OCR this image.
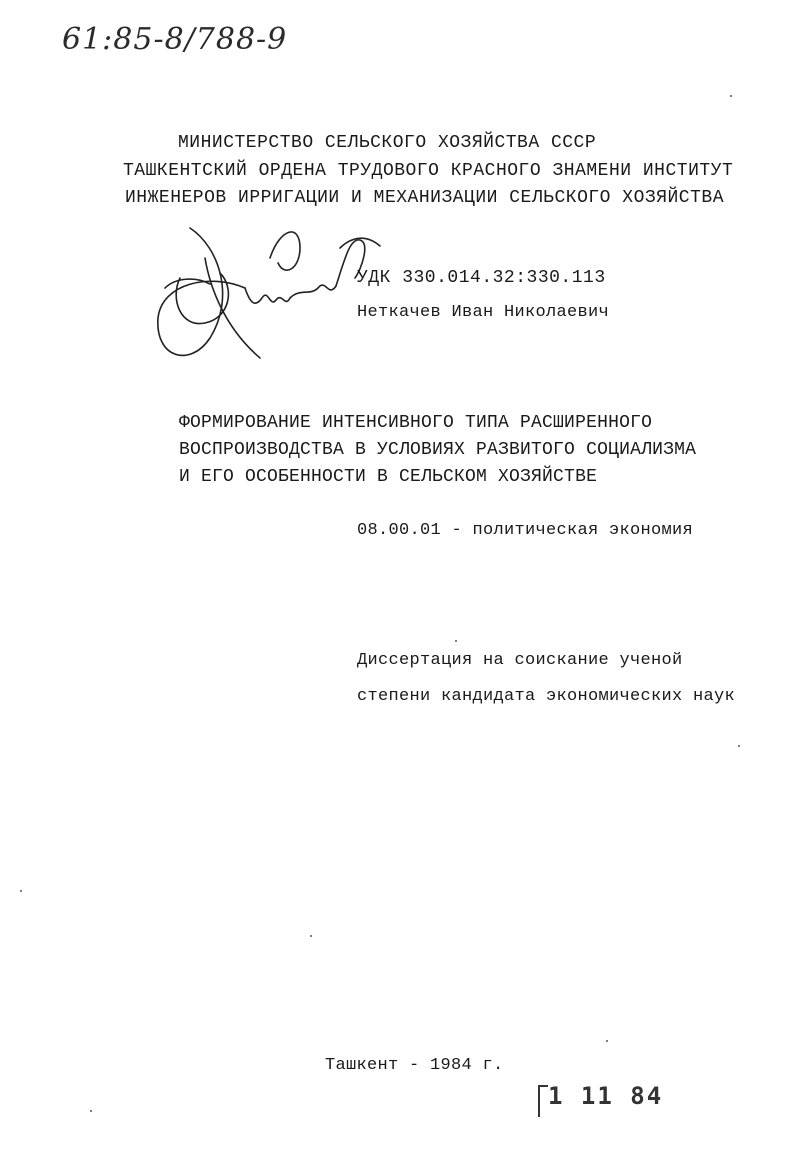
61:85-8/788-9
МИНИСТЕРСТВО СЕЛЬСКОГО ХОЗЯЙСТВА СССР
ТАШКЕНТСКИЙ ОРДЕНА ТРУДОВОГО КРАСНОГО ЗНАМЕНИ ИНСТИТУТ
ИНЖЕНЕРОВ ИРРИГАЦИИ И МЕХАНИЗАЦИИ СЕЛЬСКОГО ХОЗЯЙСТВА
УДК 330.014.32:330.113
Неткачев Иван Николаевич
ФОРМИРОВАНИЕ ИНТЕНСИВНОГО ТИПА РАСШИРЕННОГО
ВОСПРОИЗВОДСТВА В УСЛОВИЯХ РАЗВИТОГО СОЦИАЛИЗМА
И ЕГО ОСОБЕННОСТИ В СЕЛЬСКОМ ХОЗЯЙСТВЕ
08.00.01 - политическая экономия
Диссертация на соискание ученой
степени кандидата экономических наук
Ташкент - 1984 г.
1 11 84
